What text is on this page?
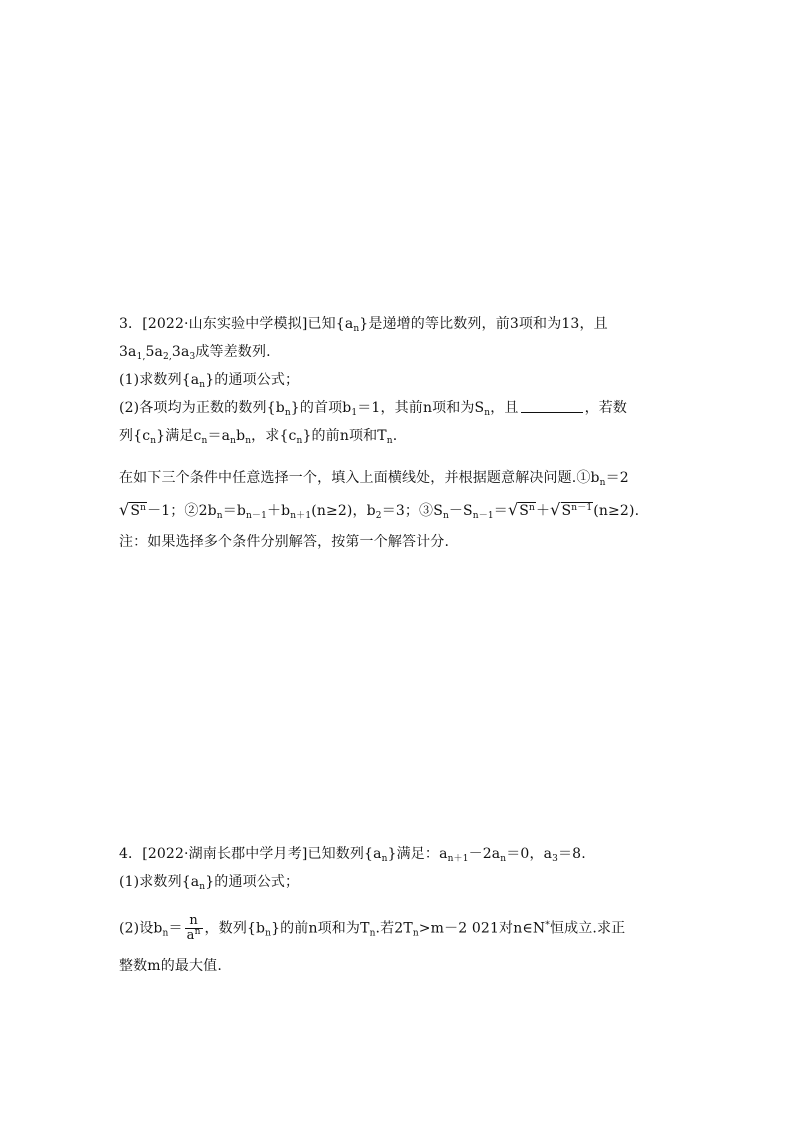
3．[2022·山东实验中学模拟]已知$\{a_n\}$是递增的等比数列，前3项和为13，且
$3a_{1,}5a_{2,}3a_3$成等差数列.
(1)求数列$\{a_n\}$的通项公式；
(2)各项均为正数的数列$\{b_n\}$的首项$b_1=1$，其前n项和为$S_n$，且	，若数
列$\{c_n\}$满足$c_n=a_nb_n$，求$\{c_n\}$的前n项和$T_n$.
在如下三个条件中任意选择一个，填入上面横线处，并根据题意解决问题$.①b_n=2$
$√S^n-1$；$②2b_n=b_{n-1}+b_{n+1}(n\ge 2)$，$b_2=3$；$③S_n-S_{n-1}=√S^n+√S^{n-1}(n\ge 2)$.
注：如果选择多个条件分别解答，按第一个解答计分.
4．[2022·湖南长郡中学月考]已知数列$\{a_n\}$满足：$a_{n+1}-2a_n=0$，$a_3=8$.
(1)求数列$\{a_n\}$的通项公式；
(2)设$b_n= \frac{n}{a^n}$ ，数列$\{b_n\}$的前n项和为$T_n$.若$2T_n>m-2$ 021对n∈N*恒成立.求正
整数m的最大值.
